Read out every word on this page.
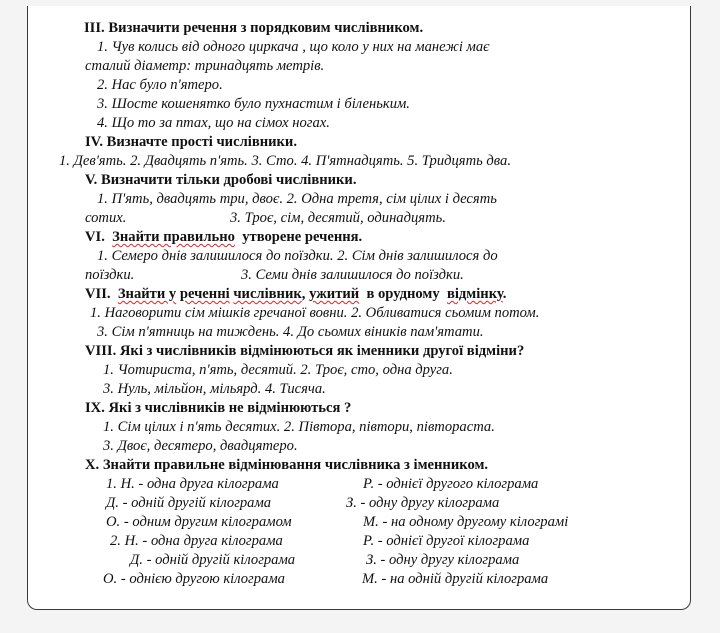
ІІІ. Визначити речення з порядковим числівником.
1. Чув колись від одного циркача , що коло у них на манежі має
сталий діаметр: тринадцять метрів.
2. Нас було п'ятеро.
3. Шосте кошенятко було пухнастим і біленьким.
4. Що то за птах, що на сімох ногах.
IV. Визначте прості числівники.
1. Дев'ять. 2. Двадцять п'ять. 3. Сто. 4. П'ятнадцять. 5. Тридцять два.
V. Визначити тільки дробові числівники.
1. П'ять, двадцять три, двоє. 2. Одна третя, сім цілих і десять
сотих.	3. Троє, сім, десятий, одинадцять.
VI. Знайти правильно утворене речення.
1. Семеро днів залишилося до поїздки. 2. Сім днів залишилося до
поїздки.	3. Семи днів залишилося до поїздки.
VII. Знайти у реченні числівник, ужитий в орудному відмінку.
1. Наговорити сім мішків гречаної вовни. 2. Обливатися сьомим потом.
3. Сім п'ятниць на тиждень. 4. До сьомих віників пам'ятати.
VIII. Які з числівників відмінюються як іменники другої відміни?
1. Чотириста, п'ять, десятий. 2. Троє, сто, одна друга.
3. Нуль, мільйон, мільярд. 4. Тисяча.
IX. Які з числівників не відмінюються ?
1. Сім цілих і п'ять десятих. 2. Півтора, півтори, півтораста.
3. Двоє, десятеро, двадцятеро.
X. Знайти правильне відмінювання числівника з іменником.
1. Н. - одна друга кілограма	Р. - однієї другого кілограма
Д. - одній другій кілограма	З. - одну другу кілограма
О. - одним другим кілограмом	М. - на одному другому кілограмі
2. Н. - одна друга кілограма	Р. - однієї другої кілограма
Д. - одній другій кілограма	З. - одну другу кілограма
О. - однією другою кілограма	М. - на одній другій кілограма
